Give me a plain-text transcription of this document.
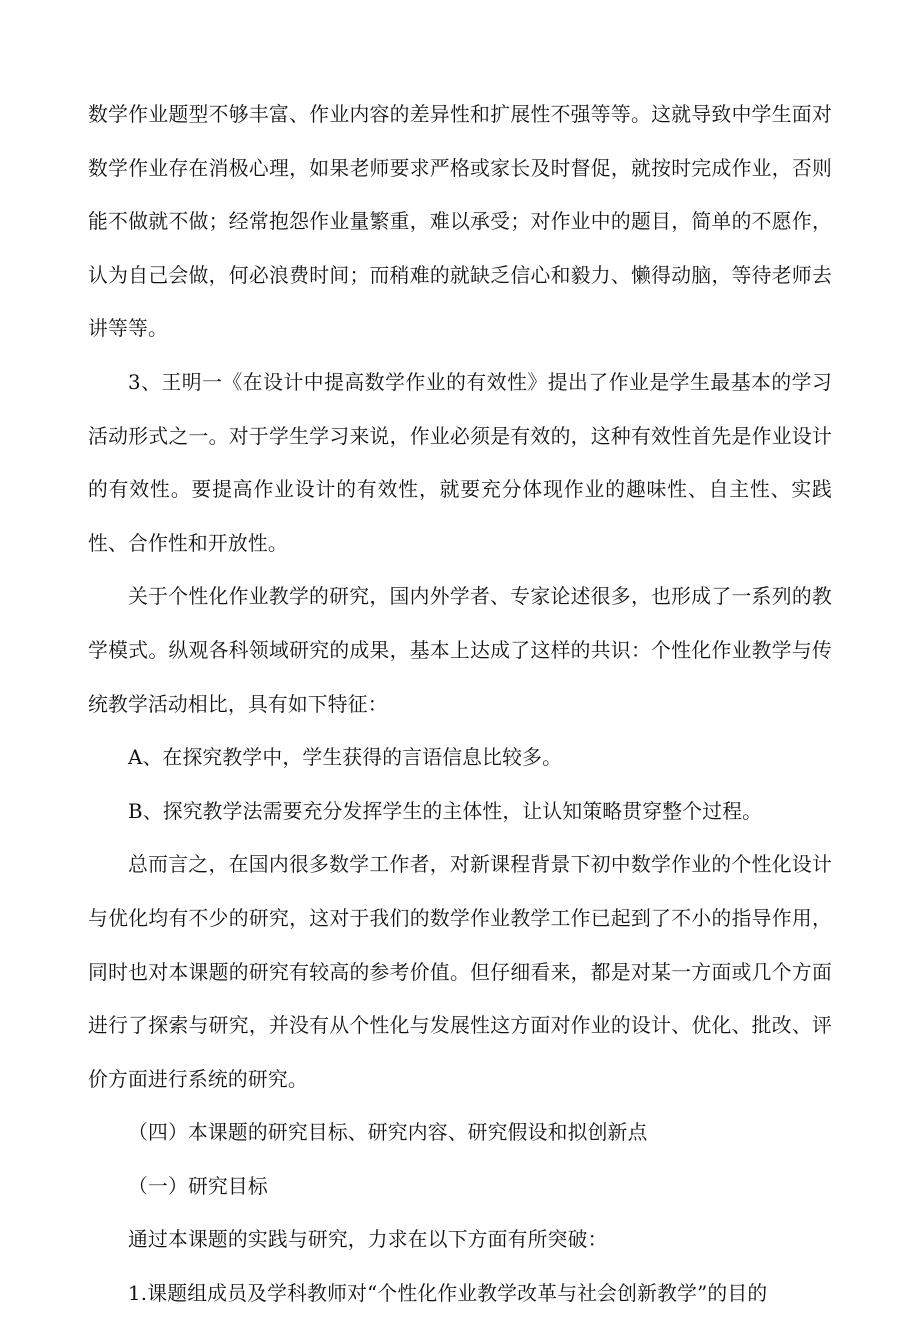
数学作业题型不够丰富、作业内容的差异性和扩展性不强等等。这就导致中学生面对数学作业存在消极心理，如果老师要求严格或家长及时督促，就按时完成作业，否则能不做就不做；经常抱怨作业量繁重，难以承受；对作业中的题目，简单的不愿作，认为自己会做，何必浪费时间；而稍难的就缺乏信心和毅力、懒得动脑，等待老师去讲等等。

3、王明一《在设计中提高数学作业的有效性》提出了作业是学生最基本的学习活动形式之一。对于学生学习来说，作业必须是有效的，这种有效性首先是作业设计的有效性。要提高作业设计的有效性，就要充分体现作业的趣味性、自主性、实践性、合作性和开放性。

关于个性化作业教学的研究，国内外学者、专家论述很多，也形成了一系列的教学模式。纵观各科领域研究的成果，基本上达成了这样的共识：个性化作业教学与传统教学活动相比，具有如下特征：

A、在探究教学中，学生获得的言语信息比较多。

B、探究教学法需要充分发挥学生的主体性，让认知策略贯穿整个过程。

总而言之，在国内很多数学工作者，对新课程背景下初中数学作业的个性化设计与优化均有不少的研究，这对于我们的数学作业教学工作已起到了不小的指导作用，同时也对本课题的研究有较高的参考价值。但仔细看来，都是对某一方面或几个方面进行了探索与研究，并没有从个性化与发展性这方面对作业的设计、优化、批改、评价方面进行系统的研究。

（四）本课题的研究目标、研究内容、研究假设和拟创新点

（一）研究目标

通过本课题的实践与研究，力求在以下方面有所突破：

1.课题组成员及学科教师对“个性化作业教学改革与社会创新教学”的目的
